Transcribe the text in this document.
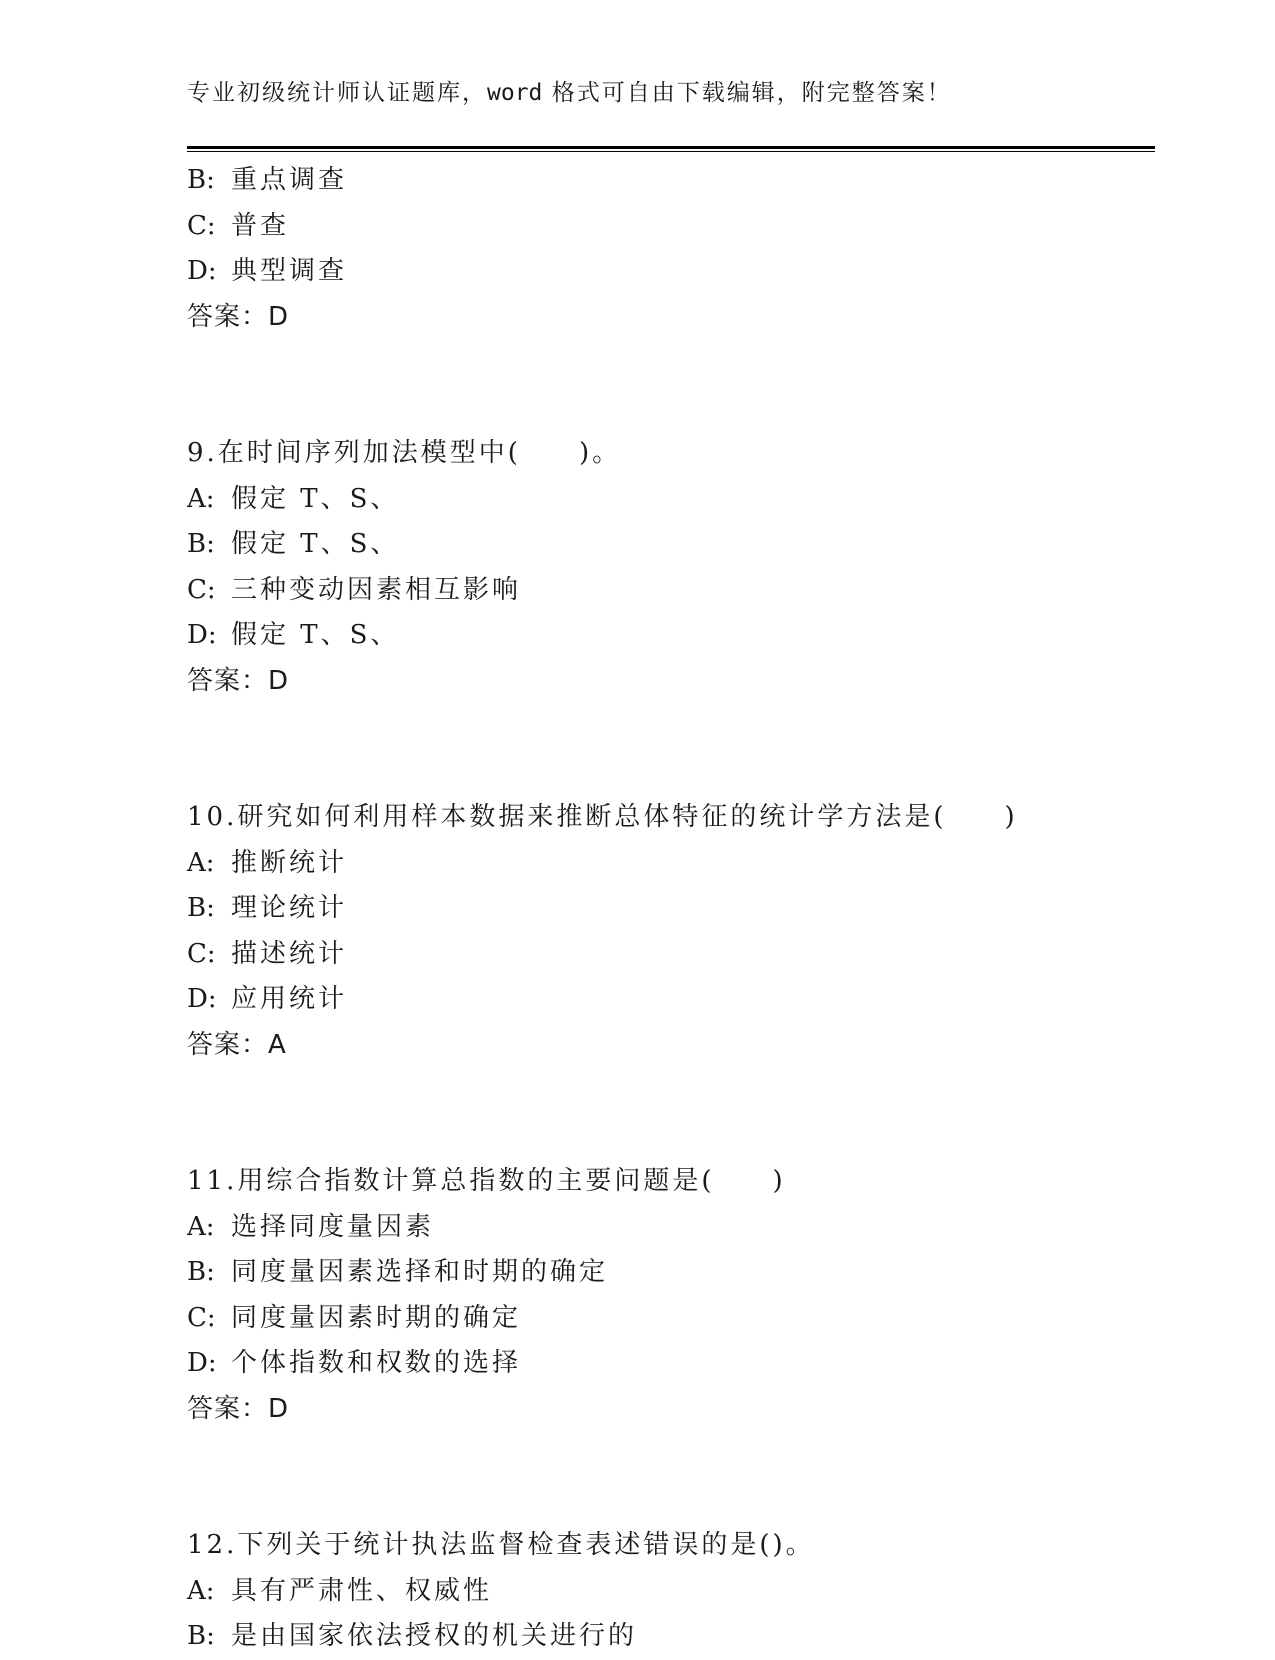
专业初级统计师认证题库，word 格式可自由下载编辑，附完整答案！
B: 重点调查
C: 普查
D: 典型调查
答案：D
9.在时间序列加法模型中(　　)。
A: 假定 T、S、
B: 假定 T、S、
C: 三种变动因素相互影响
D: 假定 T、S、
答案：D
10.研究如何利用样本数据来推断总体特征的统计学方法是(　　)
A: 推断统计
B: 理论统计
C: 描述统计
D: 应用统计
答案：A
11.用综合指数计算总指数的主要问题是(　　)
A: 选择同度量因素
B: 同度量因素选择和时期的确定
C: 同度量因素时期的确定
D: 个体指数和权数的选择
答案：D
12.下列关于统计执法监督检查表述错误的是()。
A: 具有严肃性、权威性
B: 是由国家依法授权的机关进行的
